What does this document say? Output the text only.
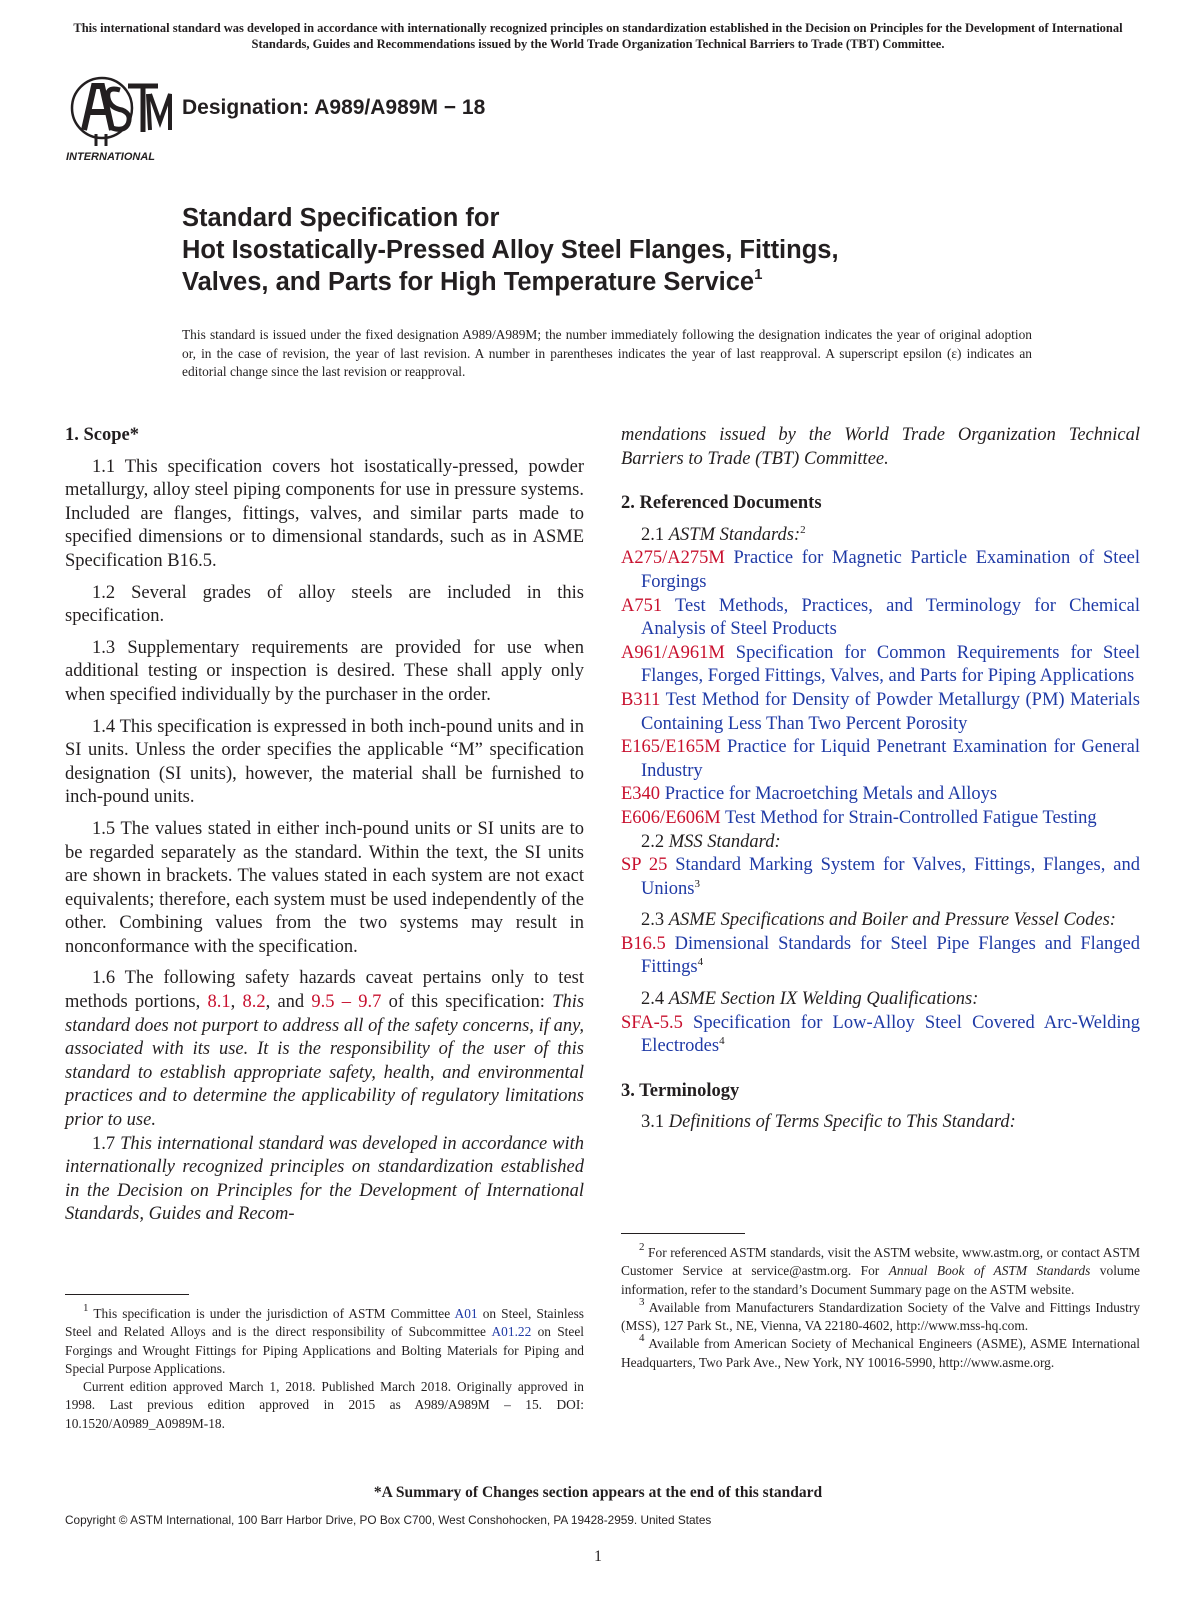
This international standard was developed in accordance with internationally recognized principles on standardization established in the Decision on Principles for the Development of International Standards, Guides and Recommendations issued by the World Trade Organization Technical Barriers to Trade (TBT) Committee.
INTERNATIONAL
Designation: A989/A989M − 18
Standard Specification for
Hot Isostatically-Pressed Alloy Steel Flanges, Fittings,
Valves, and Parts for High Temperature Service$^1$
This standard is issued under the fixed designation A989/A989M; the number immediately following the designation indicates the year of original adoption or, in the case of revision, the year of last revision. A number in parentheses indicates the year of last reapproval. A superscript epsilon (ε) indicates an editorial change since the last revision or reapproval.
1. Scope*

1.1 This specification covers hot isostatically-pressed, powder metallurgy, alloy steel piping components for use in pressure systems. Included are flanges, fittings, valves, and similar parts made to specified dimensions or to dimensional standards, such as in ASME Specification B16.5.

1.2 Several grades of alloy steels are included in this specification.

1.3 Supplementary requirements are provided for use when additional testing or inspection is desired. These shall apply only when specified individually by the purchaser in the order.

1.4 This specification is expressed in both inch-pound units and in SI units. Unless the order specifies the applicable “M” specification designation (SI units), however, the material shall be furnished to inch-pound units.

1.5 The values stated in either inch-pound units or SI units are to be regarded separately as the standard. Within the text, the SI units are shown in brackets. The values stated in each system are not exact equivalents; therefore, each system must be used independently of the other. Combining values from the two systems may result in nonconformance with the specification.

1.6 The following safety hazards caveat pertains only to test methods portions, 8.1, 8.2, and 9.5 – 9.7 of this specification: This standard does not purport to address all of the safety concerns, if any, associated with its use. It is the responsibility of the user of this standard to establish appropriate safety, health, and environmental practices and to determine the applicability of regulatory limitations prior to use.

1.7 This international standard was developed in accordance with internationally recognized principles on standardization established in the Decision on Principles for the Development of International Standards, Guides and Recom-

$^1$ This specification is under the jurisdiction of ASTM Committee A01 on Steel, Stainless Steel and Related Alloys and is the direct responsibility of Subcommittee A01.22 on Steel Forgings and Wrought Fittings for Piping Applications and Bolting Materials for Piping and Special Purpose Applications.

Current edition approved March 1, 2018. Published March 2018. Originally approved in 1998. Last previous edition approved in 2015 as A989/A989M – 15. DOI: 10.1520/A0989_A0989M-18.

mendations issued by the World Trade Organization Technical Barriers to Trade (TBT) Committee.

2. Referenced Documents

2.1 ASTM Standards:$^2$

A275/A275M Practice for Magnetic Particle Examination of Steel Forgings

A751 Test Methods, Practices, and Terminology for Chemical Analysis of Steel Products

A961/A961M Specification for Common Requirements for Steel Flanges, Forged Fittings, Valves, and Parts for Piping Applications

B311 Test Method for Density of Powder Metallurgy (PM) Materials Containing Less Than Two Percent Porosity

E165/E165M Practice for Liquid Penetrant Examination for General Industry

E340 Practice for Macroetching Metals and Alloys

E606/E606M Test Method for Strain-Controlled Fatigue Testing

2.2 MSS Standard:

SP 25 Standard Marking System for Valves, Fittings, Flanges, and Unions$^3$

2.3 ASME Specifications and Boiler and Pressure Vessel Codes:

B16.5 Dimensional Standards for Steel Pipe Flanges and Flanged Fittings$^4$

2.4 ASME Section IX Welding Qualifications:

SFA-5.5 Specification for Low-Alloy Steel Covered Arc-Welding Electrodes$^4$

3. Terminology

3.1 Definitions of Terms Specific to This Standard:

$^2$ For referenced ASTM standards, visit the ASTM website, www.astm.org, or contact ASTM Customer Service at service@astm.org. For Annual Book of ASTM Standards volume information, refer to the standard’s Document Summary page on the ASTM website.

$^3$ Available from Manufacturers Standardization Society of the Valve and Fittings Industry (MSS), 127 Park St., NE, Vienna, VA 22180-4602, http://www.mss-hq.com.

$^4$ Available from American Society of Mechanical Engineers (ASME), ASME International Headquarters, Two Park Ave., New York, NY 10016-5990, http://www.asme.org.

*A Summary of Changes section appears at the end of this standard
Copyright © ASTM International, 100 Barr Harbor Drive, PO Box C700, West Conshohocken, PA 19428-2959. United States
1
